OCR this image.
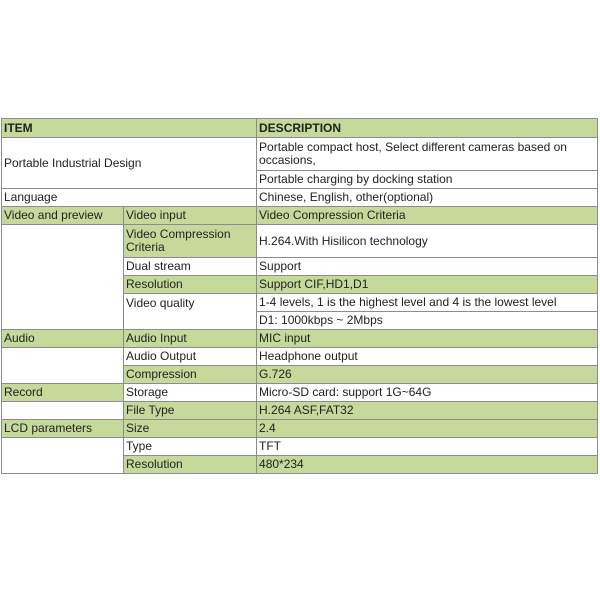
ITEM		DESCRIPTION
Portable Industrial Design		Portable compact host, Select different cameras based on occasions,
		Portable charging by docking station
Language		Chinese, English, other(optional)
Video and preview	Video input	Video Compression Criteria
	Video Compression Criteria	H.264.With Hisilicon technology
	Dual stream	Support
	Resolution	Support CIF,HD1,D1
	Video quality	1-4 levels, 1 is the highest level and 4 is the lowest level
		D1: 1000kbps ~ 2Mbps
Audio	Audio Input	MIC input
	Audio Output	Headphone output
	Compression	G.726
Record	Storage	Micro-SD card: support 1G~64G
	File Type	H.264 ASF,FAT32
LCD parameters	Size	2.4
	Type	TFT
	Resolution	480*234
